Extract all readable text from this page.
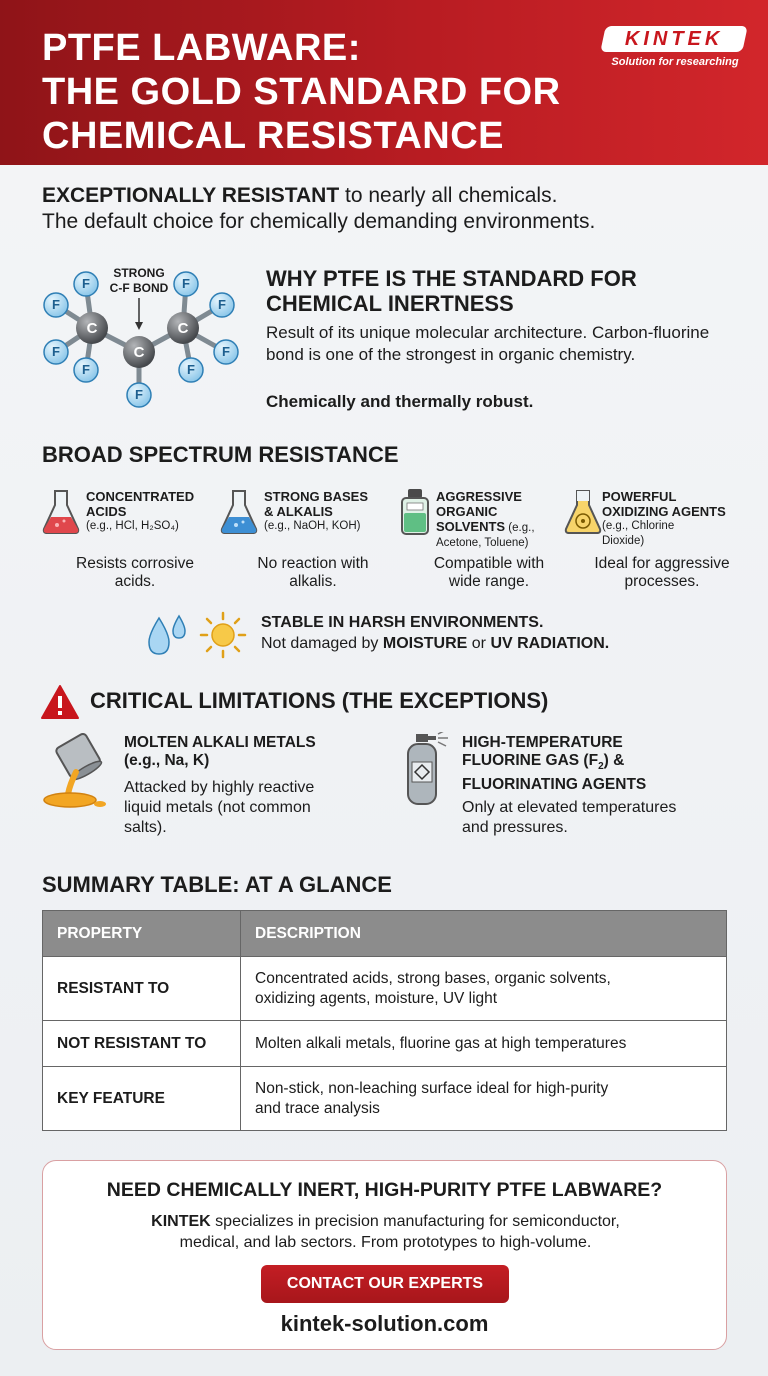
PTFE LABWARE:
THE GOLD STANDARD FOR
CHEMICAL RESISTANCE
KINTEK
Solution for researching
EXCEPTIONALLY RESISTANT to nearly all chemicals.
The default choice for chemically demanding environments.
F
F
F
F
F
F
F
F
F
C
C
C
STRONG
C-F BOND	WHY PTFE IS THE STANDARD FOR
CHEMICAL INERTNESS
Result of its unique molecular architecture. Carbon-fluorine bond is one of the strongest in organic chemistry.
Chemically and thermally robust.
BROAD SPECTRUM RESISTANCE
CONCENTRATED
ACIDS
(e.g., HCl, H₂SO₄)
Resists corrosive
acids.
STRONG BASES
& ALKALIS
(e.g., NaOH, KOH)
No reaction with
alkalis.
AGGRESSIVE
ORGANIC
SOLVENTS (e.g.,
Acetone, Toluene)
Compatible with
wide range.
POWERFUL
OXIDIZING AGENTS
(e.g., Chlorine
Dioxide)
Ideal for aggressive
processes.
STABLE IN HARSH ENVIRONMENTS.
Not damaged by MOISTURE or UV RADIATION.
CRITICAL LIMITATIONS (THE EXCEPTIONS)
MOLTEN ALKALI METALS
(e.g., Na, K)
Attacked by highly reactive
liquid metals (not common
salts).
HIGH-TEMPERATURE
FLUORINE GAS $(F_2)$ &
FLUORINATING AGENTS
Only at elevated temperatures
and pressures.
SUMMARY TABLE: AT A GLANCE
PROPERTY	DESCRIPTION
RESISTANT TO	Concentrated acids, strong bases, organic solvents,
oxidizing agents, moisture, UV light

NOT RESISTANT TO	Molten alkali metals, fluorine gas at high temperatures

KEY FEATURE	Non-stick, non-leaching surface ideal for high-purity
and trace analysis
NEED CHEMICALLY INERT, HIGH-PURITY PTFE LABWARE?
KINTEK specializes in precision manufacturing for semiconductor,
medical, and lab sectors. From prototypes to high-volume.
CONTACT OUR EXPERTS
kintek-solution.com
